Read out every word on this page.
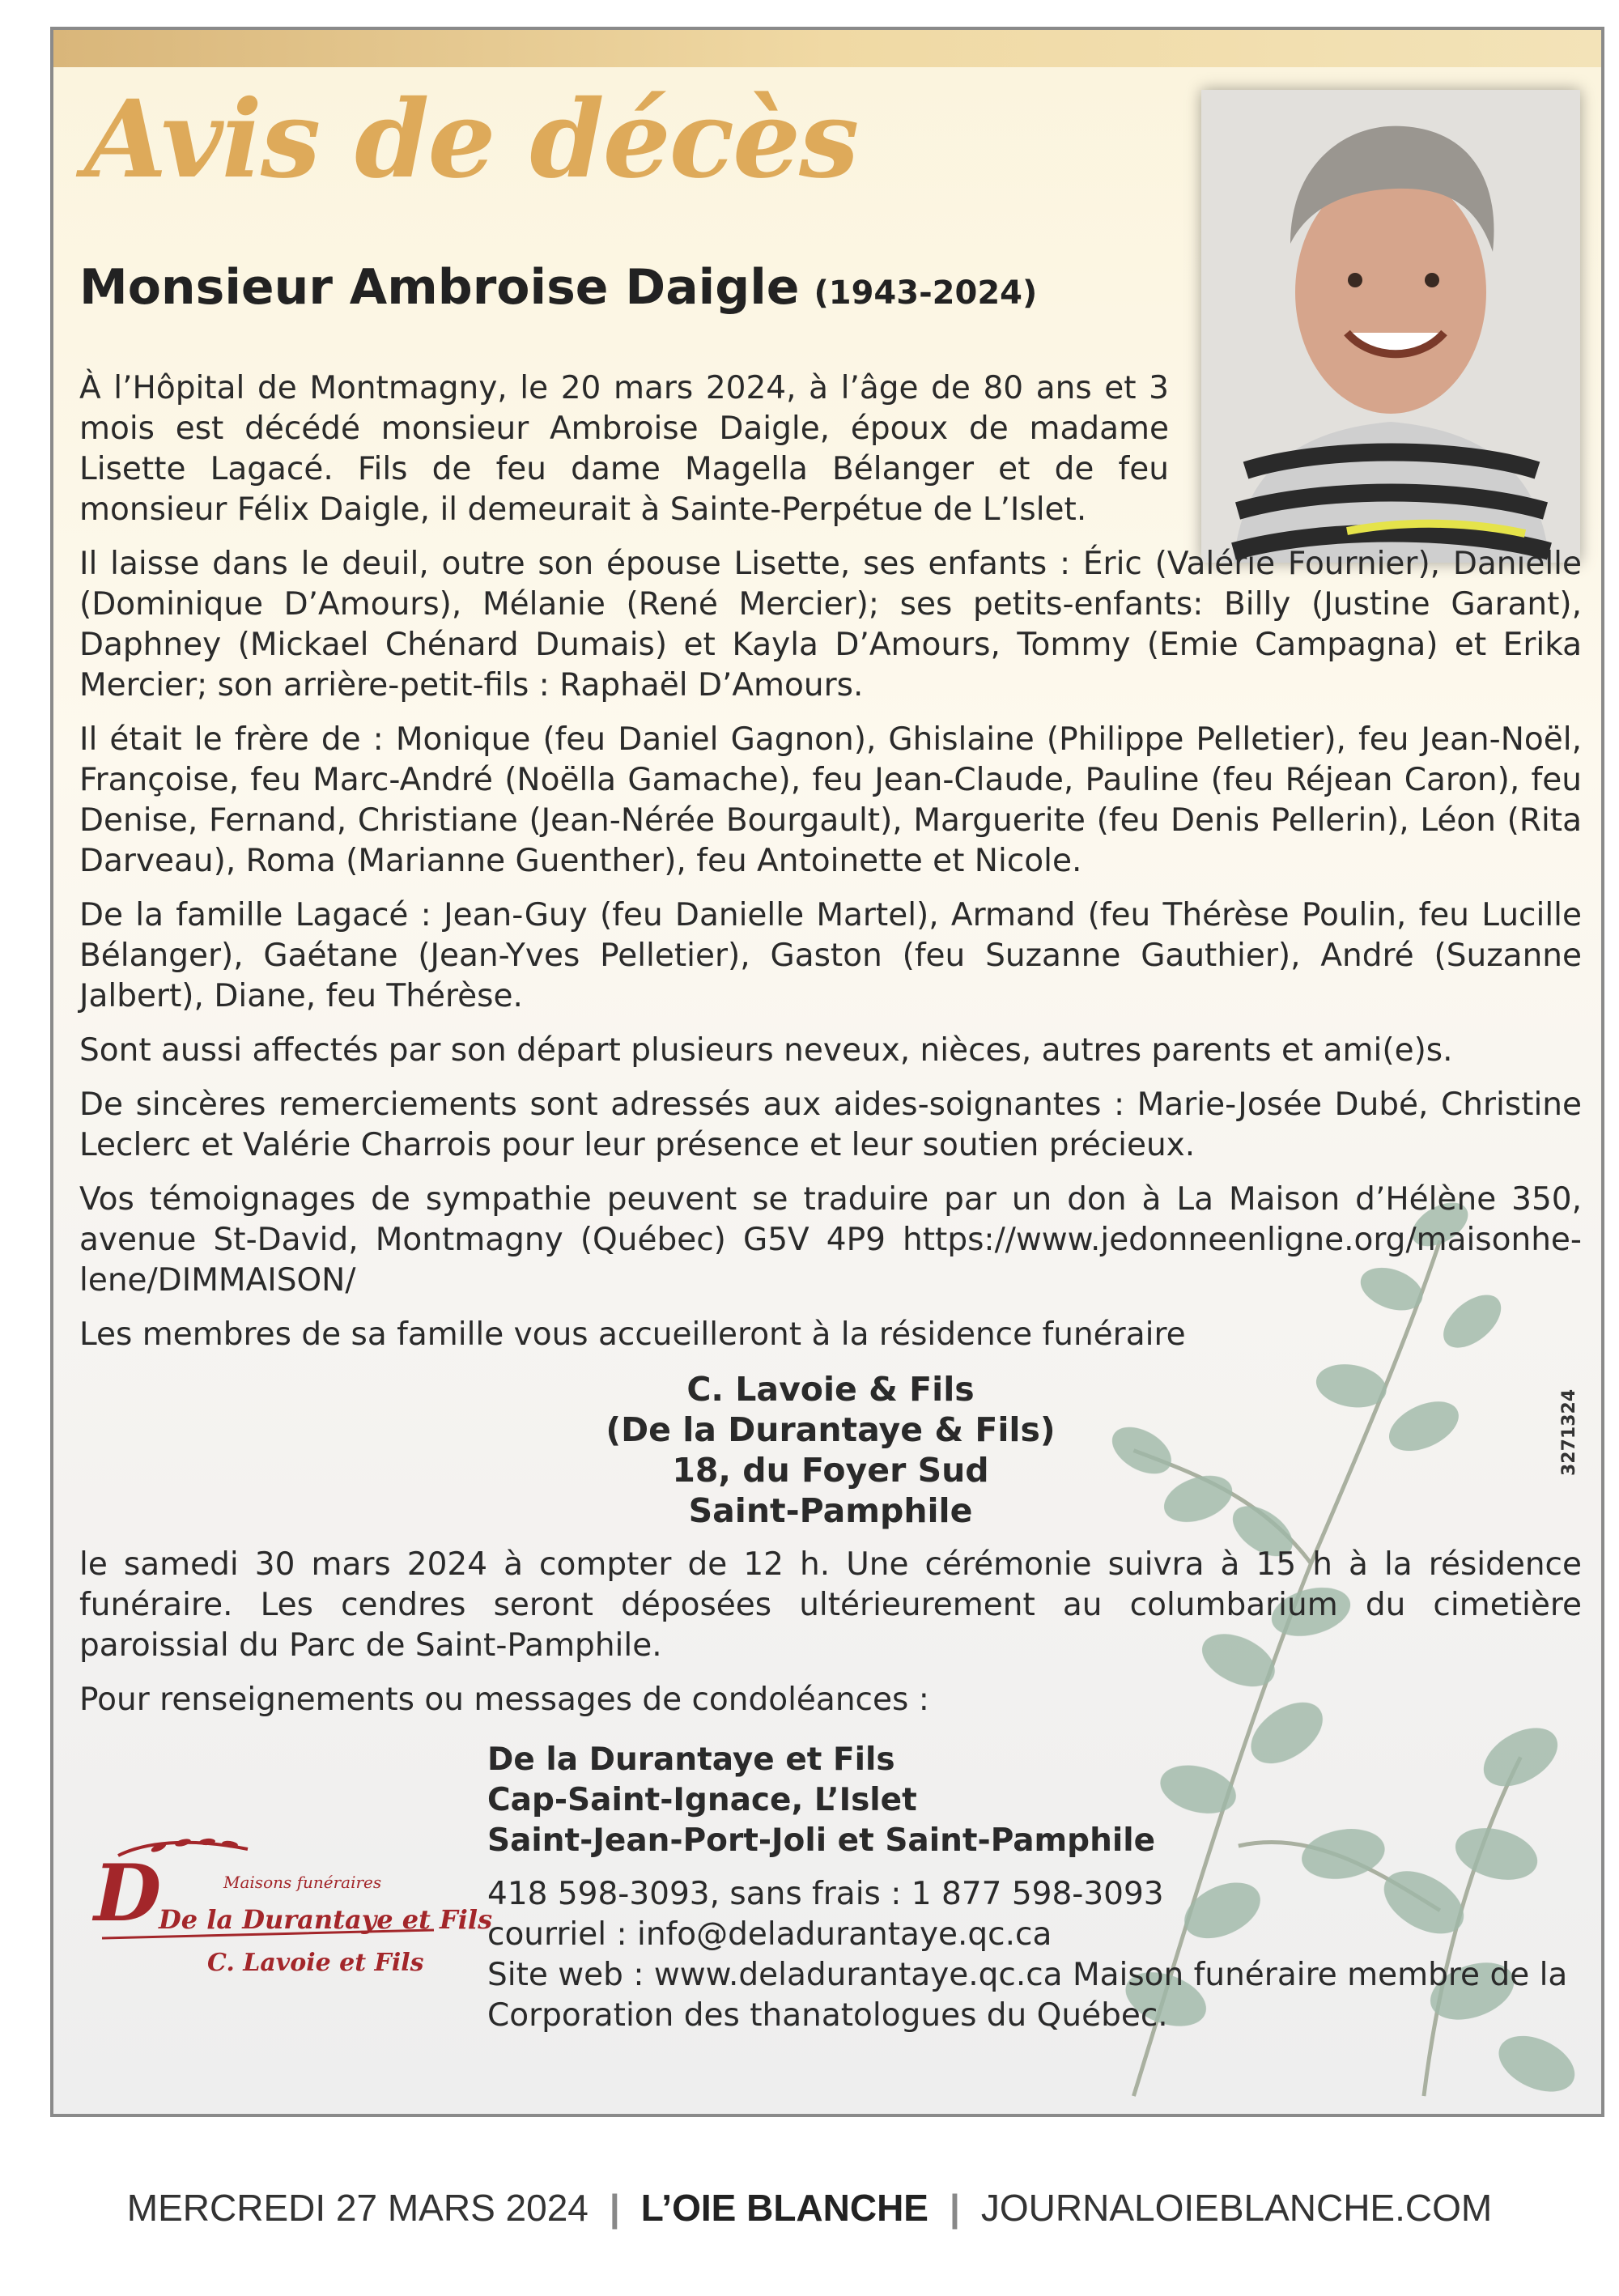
Avis de décès
Monsieur Ambroise Daigle (1943-2024)

À l’Hôpital de Montmagny, le 20 mars 2024, à l’âge de 80 ans et 3 mois est décédé monsieur Ambroise Daigle, époux de madame Lisette Lagacé. Fils de feu dame Magella Bélanger et de feu monsieur Félix Daigle, il demeurait à Sainte-Perpétue de L’Islet.

Il laisse dans le deuil, outre son épouse Lisette, ses enfants : Éric (Valérie Fournier), Danielle (Dominique D’Amours), Mélanie (René Mercier); ses petits-enfants: Billy (Justine Garant), Daphney (Mickael Chénard Dumais) et Kayla D’Amours, Tommy (Emie Campagna) et Erika Mercier; son arrière-petit-fils : Raphaël D’Amours.

Il était le frère de : Monique (feu Daniel Gagnon), Ghislaine (Philippe Pelletier), feu Jean-Noël, Françoise, feu Marc-André (Noëlla Gamache), feu Jean-Claude, Pauline (feu Réjean Caron), feu Denise, Fernand, Christiane (Jean-Nérée Bourgault), Marguerite (feu Denis Pellerin), Léon (Rita Darveau), Roma (Marianne Guenther), feu Antoinette et Nicole.

De la famille Lagacé : Jean-Guy (feu Danielle Martel), Armand (feu Thérèse Poulin, feu Lucille Bélanger), Gaétane (Jean-Yves Pelletier), Gaston (feu Suzanne Gauthier), André (Suzanne Jalbert), Diane, feu Thérèse.

Sont aussi affectés par son départ plusieurs neveux, nièces, autres parents et ami(e)s.

De sincères remerciements sont adressés aux aides-soignantes : Marie-Josée Dubé, Christine Leclerc et Valérie Charrois pour leur présence et leur soutien précieux.

Vos témoignages de sympathie peuvent se traduire par un don à La Maison d’Hélène 350, avenue St-David, Montmagny (Québec) G5V 4P9 https://www.jedonneenligne.org/maisonhe-lene/DIMMAISON/

Les membres de sa famille vous accueilleront à la résidence funéraire

C. Lavoie & Fils
(De la Durantaye & Fils)
18, du Foyer Sud
Saint-Pamphile

le samedi 30 mars 2024 à compter de 12 h. Une cérémonie suivra à 15 h à la résidence funéraire. Les cendres seront déposées ultérieurement au columbarium du cimetière paroissial du Parc de Saint-Pamphile.

Pour renseignements ou messages de condoléances :

D	Maisons funéraires
De la Durantaye et Fils
C. Lavoie et Fils
De la Durantaye et Fils
Cap-Saint-Ignace, L’Islet
Saint-Jean-Port-Joli et Saint-Pamphile
418 598-3093, sans frais : 1 877 598-3093
courriel : info@deladurantaye.qc.ca
Site web : www.deladurantaye.qc.ca Maison funéraire membre de la Corporation des thanatologues du Québec.
3271324
MERCREDI 27 MARS 2024 | L’OIE BLANCHE | JOURNALOIEBLANCHE.COM
